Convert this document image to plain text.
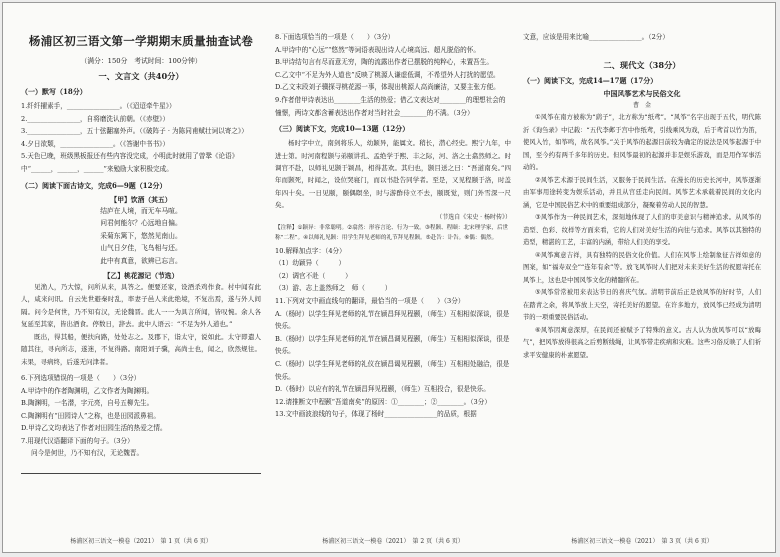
杨浦区初三语文第一学期期末质量抽查试卷
（满分：150分　考试时间：100分钟）
一、文言文（共40分）
（一）默写（18分）

1.纤纤擢素手，________________。（《迢迢牵牛星》）

2.________________，自将磨洗认前朝。（《赤壁》）

3.________________，五十弦翻塞外声。（《破阵子 · 为陈同甫赋壮词以寄之》）

4.夕日欲颓，________________。（《答谢中书书》）

5.天色已晚，班级黑板报还有些内容没完成，小明此时就用了曾鞏《论语》中“______，______，______”来勉励大家积极完成。

（二）阅读下面古诗文，完成6—9题（12分）
【甲】饮酒（其五）

结庐在人境，而无车马喧。

问君何能尔？心远地自偏。

采菊东篱下，悠然见南山。

山气日夕佳，飞鸟相与还。

此中有真意，欲辨已忘言。

【乙】桃花源记（节选）

见渔人，乃大惊，问所从来，具答之。便要还家，设酒杀鸡作食。村中闻有此人，咸来问讯。自云先世避秦时乱，率妻子邑人来此绝境，不复出焉，遂与外人间隔。问今是何世，乃不知有汉，无论魏晋。此人一一为具言所闻，皆叹惋。余人各复延至其家，皆出酒食。停数日，辞去。此中人语云：“不足为外人道也。”

既出，得其船，便扶向路，处处志之。及郡下，诣太守，说如此。太守即遣人随其往，寻向所志，遂迷，不复得路。南阳刘子骥，高尚士也，闻之，欣然规往。未果，寻病终，后遂无问津者。

6.下列选项错误的一项是（　　）（3分）

A.甲诗中的作者陶渊明，乙文作者为陶渊明。

B.陶渊明，一名潜，字元亮，自号五柳先生。

C.陶渊明有“田园诗人”之称，也是田园派鼻祖。

D.甲诗乙文均表达了作者对田园生活的热爱之情。

7.用现代汉语翻译下面的句子。（3分）

问今是何世，乃不知有汉，无论魏晋。

杨浦区初三语文一模卷（2021）　第 1 页（共 6 页）

8.下面选项恰当的一项是（　　）（3分）

A.甲诗中的“心远”“悠然”等词语表现出诗人心境高远、超凡脱俗的怀。

B.甲诗结句言有尽而意无穷，陶的流露出作者已摆脱的纯粹心，未置吾生。

C.乙文中“不足为外人道也”反映了桃源人谦虚低调，不希望外人打扰的愿望。

D.乙文末段刘子骥探寻桃花源一事，体现出桃源人高尚廉洁，又要主张方便。

9.作者借甲诗表达出________生活的热爱；借乙文表达对________的理想社会的憧憬，两诗文都含蓄表达出作者对当时社会________的不满。（3分）

（三）阅读下文，完成10—13题（12分）

杨时字中立，南剑将乐人，幼颖异，能属文。稍长，潜心经史。熙宁九年，中进士第。时河南程颢与弟颐讲孔、孟绝学于熙、丰之际，河、洛之士翕然师之。时调官不赴，以师礼见颢于颍昌，相得甚欢。其归也，颢目送之曰：“吾道南矣。”四年而颢死，时闻之，设位哭寝门，而以书赴告同学者。至是，又见程颐于洛，时盖年四十矣。一日见颐，颐偶瞑坐，时与游酢侍立不去，颐既觉，则门外雪深一尺矣。

（节选自《宋史 · 杨时传》）

【注释】①颖异：非常聪明。②翕然：形容言论、行为一致。③程颢、程颐：北宋理学家，后世称“二程”。④以师礼见颢：用学生拜见老师的礼节拜见程颢。⑤赴告：讣告。⑥偶：偶然。

10.解释加点字：（4分）

（1）幼颖异（　　　）

（2）调官不赴（　　　）

（3）游、志上盖然师之　师（　　　）

11.下列对文中画直线句的翻译，最恰当的一项是（　　）（3分）

A.（杨时）以学生拜见老师的礼节在颍昌拜见程颢，（师生）互相相似深谈，很是快乐。

B.（杨时）以学生拜见老师的礼节在颍昌调见程颢，（师生）互相相似深谈，很是快乐。

C.（杨时）以学生拜见老师的礼仪在颍昌谒见程颢，（师生）互相相处融洽，很是快乐。

D.（杨时）以应有的礼节在颍昌拜见程颢，（师生）互相投合，很是快乐。

12.请推断文中程颢“吾道南矣”的原因：①________；②________。（3分）

13.文中画波浪线的句子，体现了杨时________________的品质，根据

杨浦区初三语文一模卷（2021）　第 2 页（共 6 页）

文意，应该是用来比喻________________。（2分）

二、现代文（38分）
（一）阅读下文，完成14—17题（17分）
中国风筝艺术与民俗文化
曹　金

①风筝在南方被称为“鹞子”，北方称为“纸鸢”。“风筝”名字出现于五代，明代陈沂《询刍录》中记载：“五代李邺于宫中作纸鸢，引线乘风为戏，后于鸢首以竹为笛，使风入竹，如筝鸣，故名风筝。”关于风筝的起源目前较为确定的说法是风筝起源于中国，至今约有两千多年的历史。但风筝最初的起源并非是娱乐游戏，而是用作军事活动的。

②风筝艺术源于民间生活，又服务于民间生活。在漫长的历史长河中，风筝逐渐由军事用途转变为娱乐活动，并且从宫廷走向民间。风筝艺术承载着民间的文化内涵，它是中国民俗艺术中的重要组成部分，凝聚着劳动人民的智慧。

③风筝作为一种民间艺术，深刻地体现了人们的审美意识与精神追求。从风筝的造型、色彩、纹样等方面来看，它的人们对美好生活的向往与追求。风筝以其独特的造型，精湛的工艺，丰富的内涵，带给人们美的享受。

④风筝寓意吉祥，具有独特的民俗文化价值。人们在风筝上绘制象征吉祥如意的图案，如“福寿双全”“连年有余”等。放飞风筝时人们把对未来美好生活的祝愿寄托在风筝上，这也是中国风筝文化的精髓所在。

⑤风筝常常被用来表达节日的喜庆气氛。清明节前后正是放风筝的好时节，人们在踏青之余，将风筝放上天空，寄托美好的愿望。在许多地方，放风筝已经成为清明节的一项重要民俗活动。

⑥风筝因寓意深厚，在民间还被赋予了特殊的意义。古人认为放风筝可以“放晦气”，把风筝放得很高之后剪断线绳，让风筝带走疾病和灾难。这些习俗反映了人们祈求平安健康的朴素愿望。

杨浦区初三语文一模卷（2021）　第 3 页（共 6 页）
